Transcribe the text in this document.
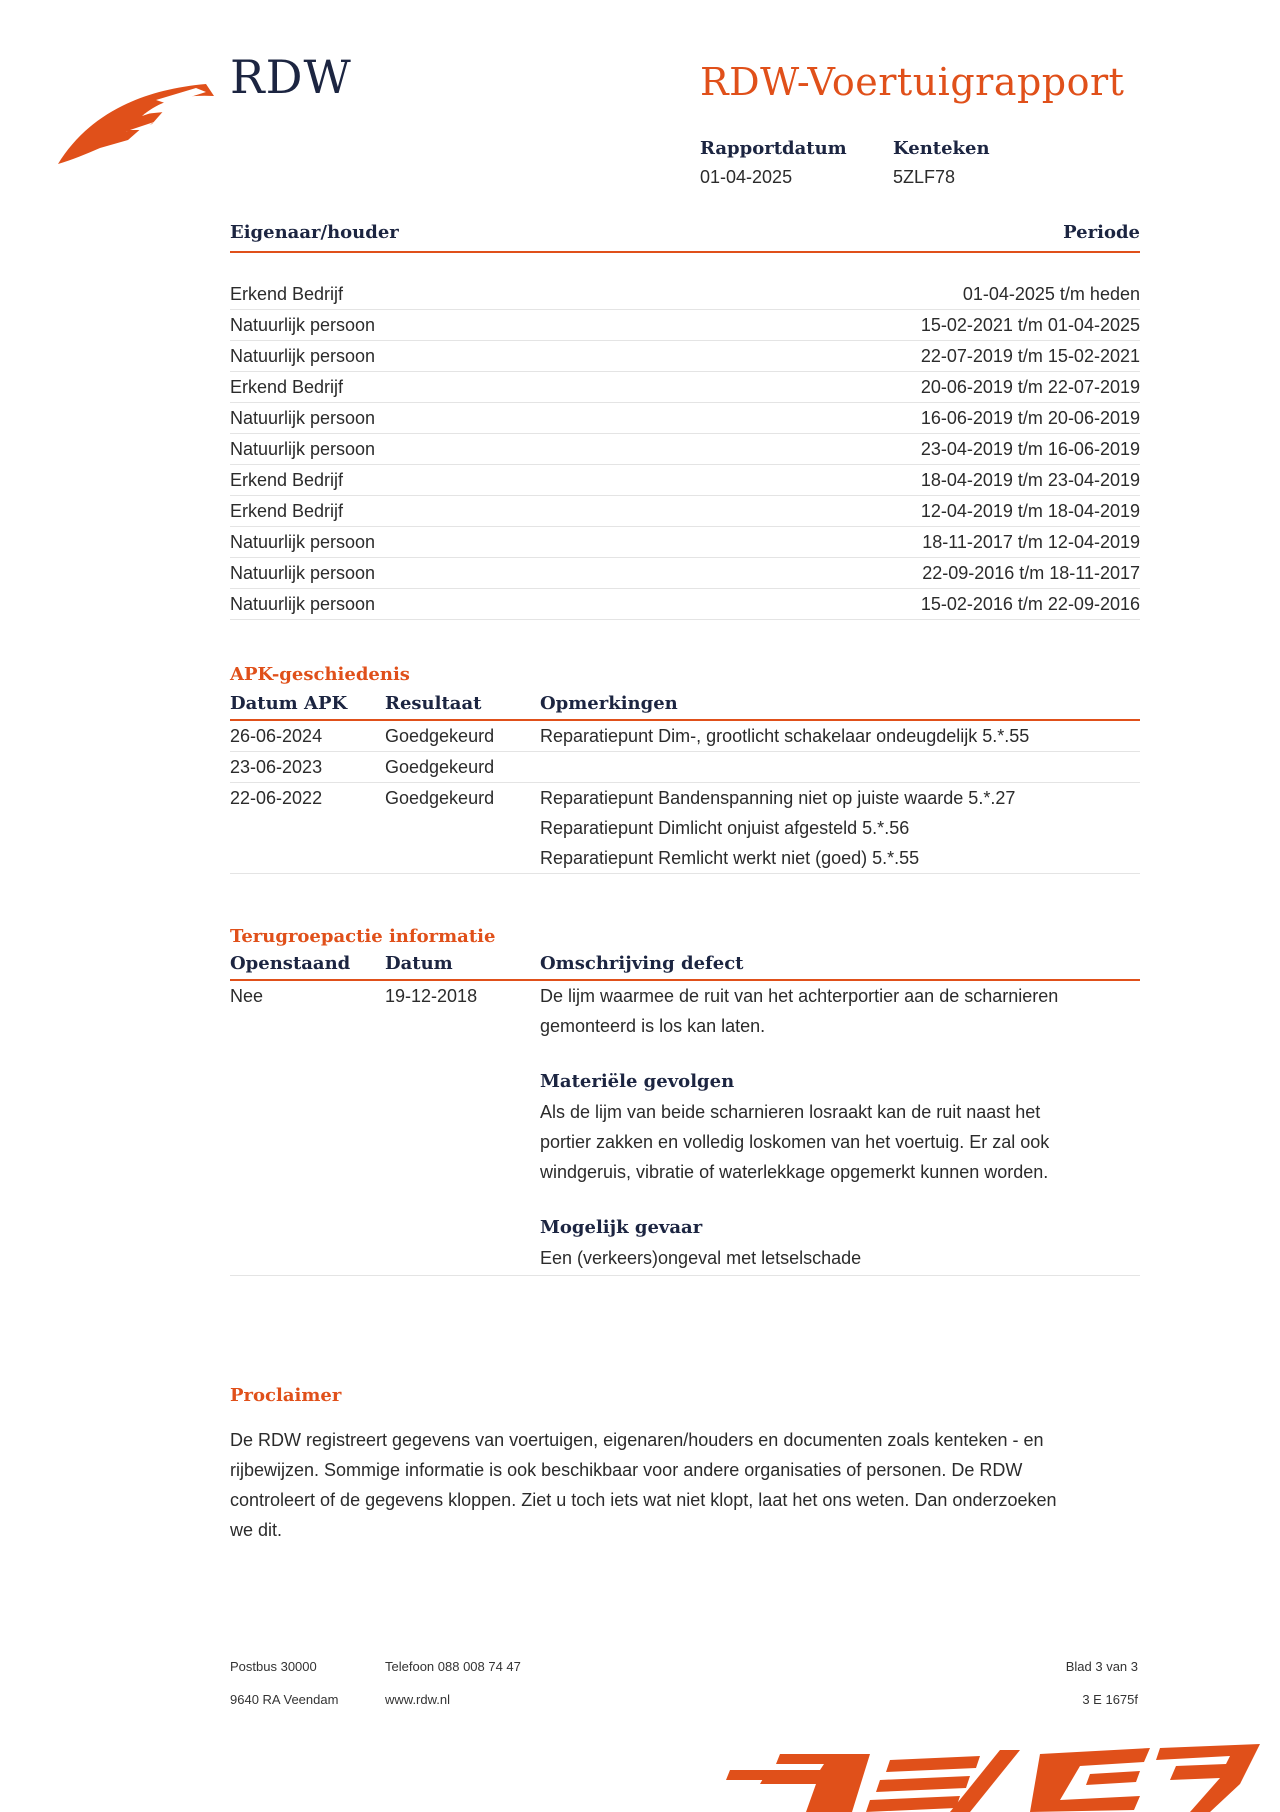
RDW	RDW-Voertuigrapport
Rapportdatum
01-04-2025
Kenteken
5ZLF78
Eigenaar/houder	Periode
Erkend Bedrijf	01-04-2025 t/m heden
Natuurlijk persoon	15-02-2021 t/m 01-04-2025
Natuurlijk persoon	22-07-2019 t/m 15-02-2021
Erkend Bedrijf	20-06-2019 t/m 22-07-2019
Natuurlijk persoon	16-06-2019 t/m 20-06-2019
Natuurlijk persoon	23-04-2019 t/m 16-06-2019
Erkend Bedrijf	18-04-2019 t/m 23-04-2019
Erkend Bedrijf	12-04-2019 t/m 18-04-2019
Natuurlijk persoon	18-11-2017 t/m 12-04-2019
Natuurlijk persoon	22-09-2016 t/m 18-11-2017
Natuurlijk persoon	15-02-2016 t/m 22-09-2016
APK-geschiedenis
Datum APK	Resultaat	Opmerkingen
26-06-2024	Goedgekeurd	Reparatiepunt Dim-, grootlicht schakelaar ondeugdelijk 5.*.55
23-06-2023	Goedgekeurd
22-06-2022	Goedgekeurd	Reparatiepunt Bandenspanning niet op juiste waarde 5.*.27
Reparatiepunt Dimlicht onjuist afgesteld 5.*.56
Reparatiepunt Remlicht werkt niet (goed) 5.*.55
Terugroepactie informatie
Openstaand	Datum	Omschrijving defect
Nee	19-12-2018	De lijm waarmee de ruit van het achterportier aan de scharnieren
gemonteerd is los kan laten.
Materiële gevolgen
Als de lijm van beide scharnieren losraakt kan de ruit naast het
portier zakken en volledig loskomen van het voertuig. Er zal ook
windgeruis, vibratie of waterlekkage opgemerkt kunnen worden.
Mogelijk gevaar
Een (verkeers)ongeval met letselschade
Proclaimer
De RDW registreert gegevens van voertuigen, eigenaren/houders en documenten zoals kenteken - en
rijbewijzen. Sommige informatie is ook beschikbaar voor andere organisaties of personen. De RDW
controleert of de gegevens kloppen. Ziet u toch iets wat niet klopt, laat het ons weten. Dan onderzoeken
we dit.
Postbus 30000
9640 RA Veendam
Telefoon 088 008 74 47
www.rdw.nl
Blad 3 van 3
3 E 1675f
